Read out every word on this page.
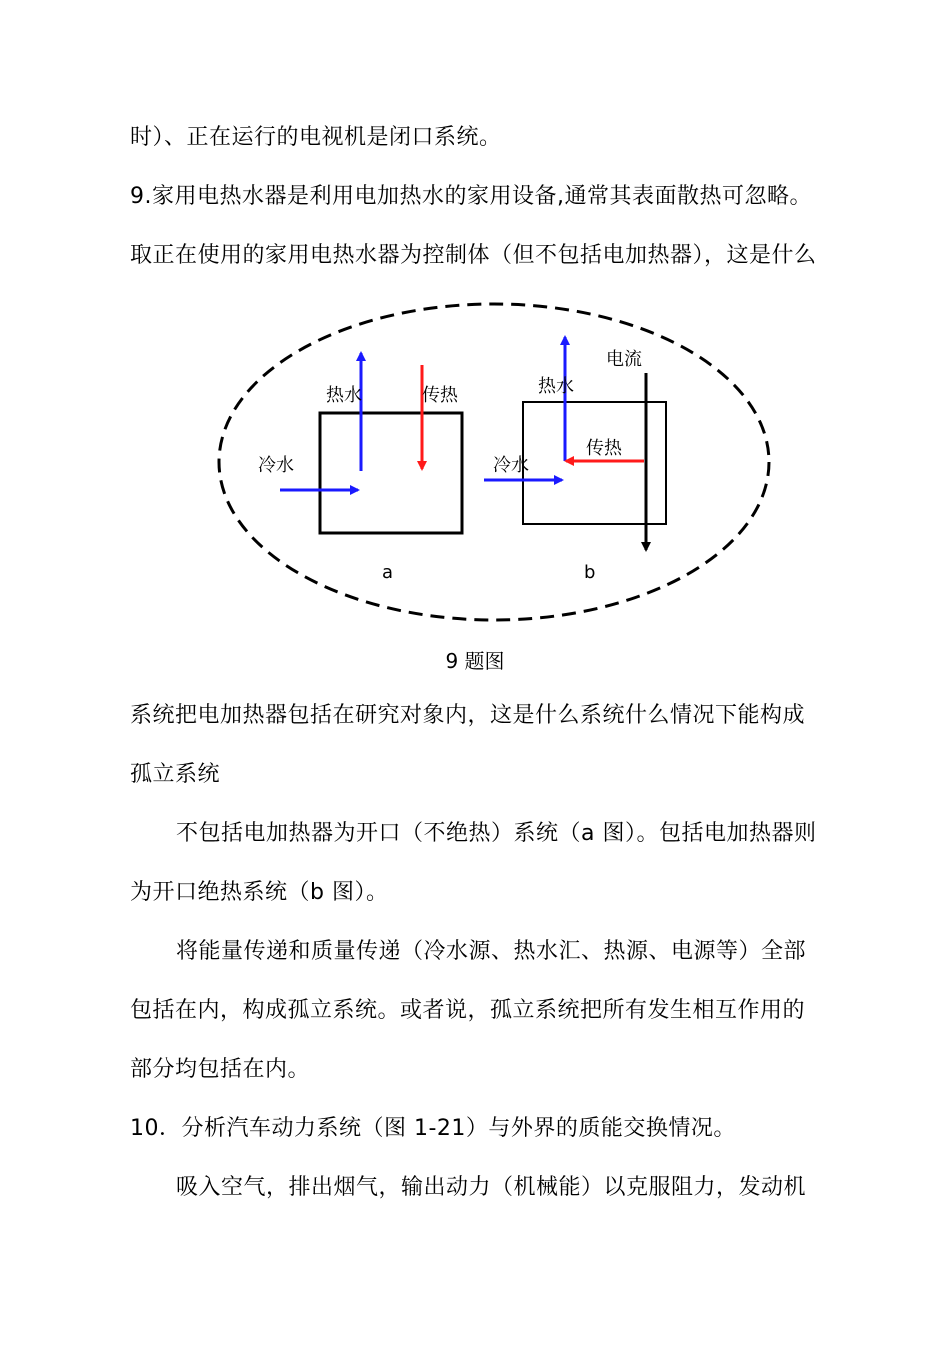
时）、正在运行的电视机是闭口系统。
9.家用电热水器是利用电加热水的家用设备,通常其表面散热可忽略。
取正在使用的家用电热水器为控制体（但不包括电加热器），这是什么
冷水
热水	传热
a
冷水
热水
传热
电流
b
9 题图
系统把电加热器包括在研究对象内，这是什么系统什么情况下能构成
孤立系统
不包括电加热器为开口（不绝热）系统（a 图）。包括电加热器则
为开口绝热系统（b 图）。
将能量传递和质量传递（冷水源、热水汇、热源、电源等）全部
包括在内，构成孤立系统。或者说，孤立系统把所有发生相互作用的
部分均包括在内。
10．分析汽车动力系统（图 1-21）与外界的质能交换情况。
吸入空气，排出烟气，输出动力（机械能）以克服阻力，发动机
